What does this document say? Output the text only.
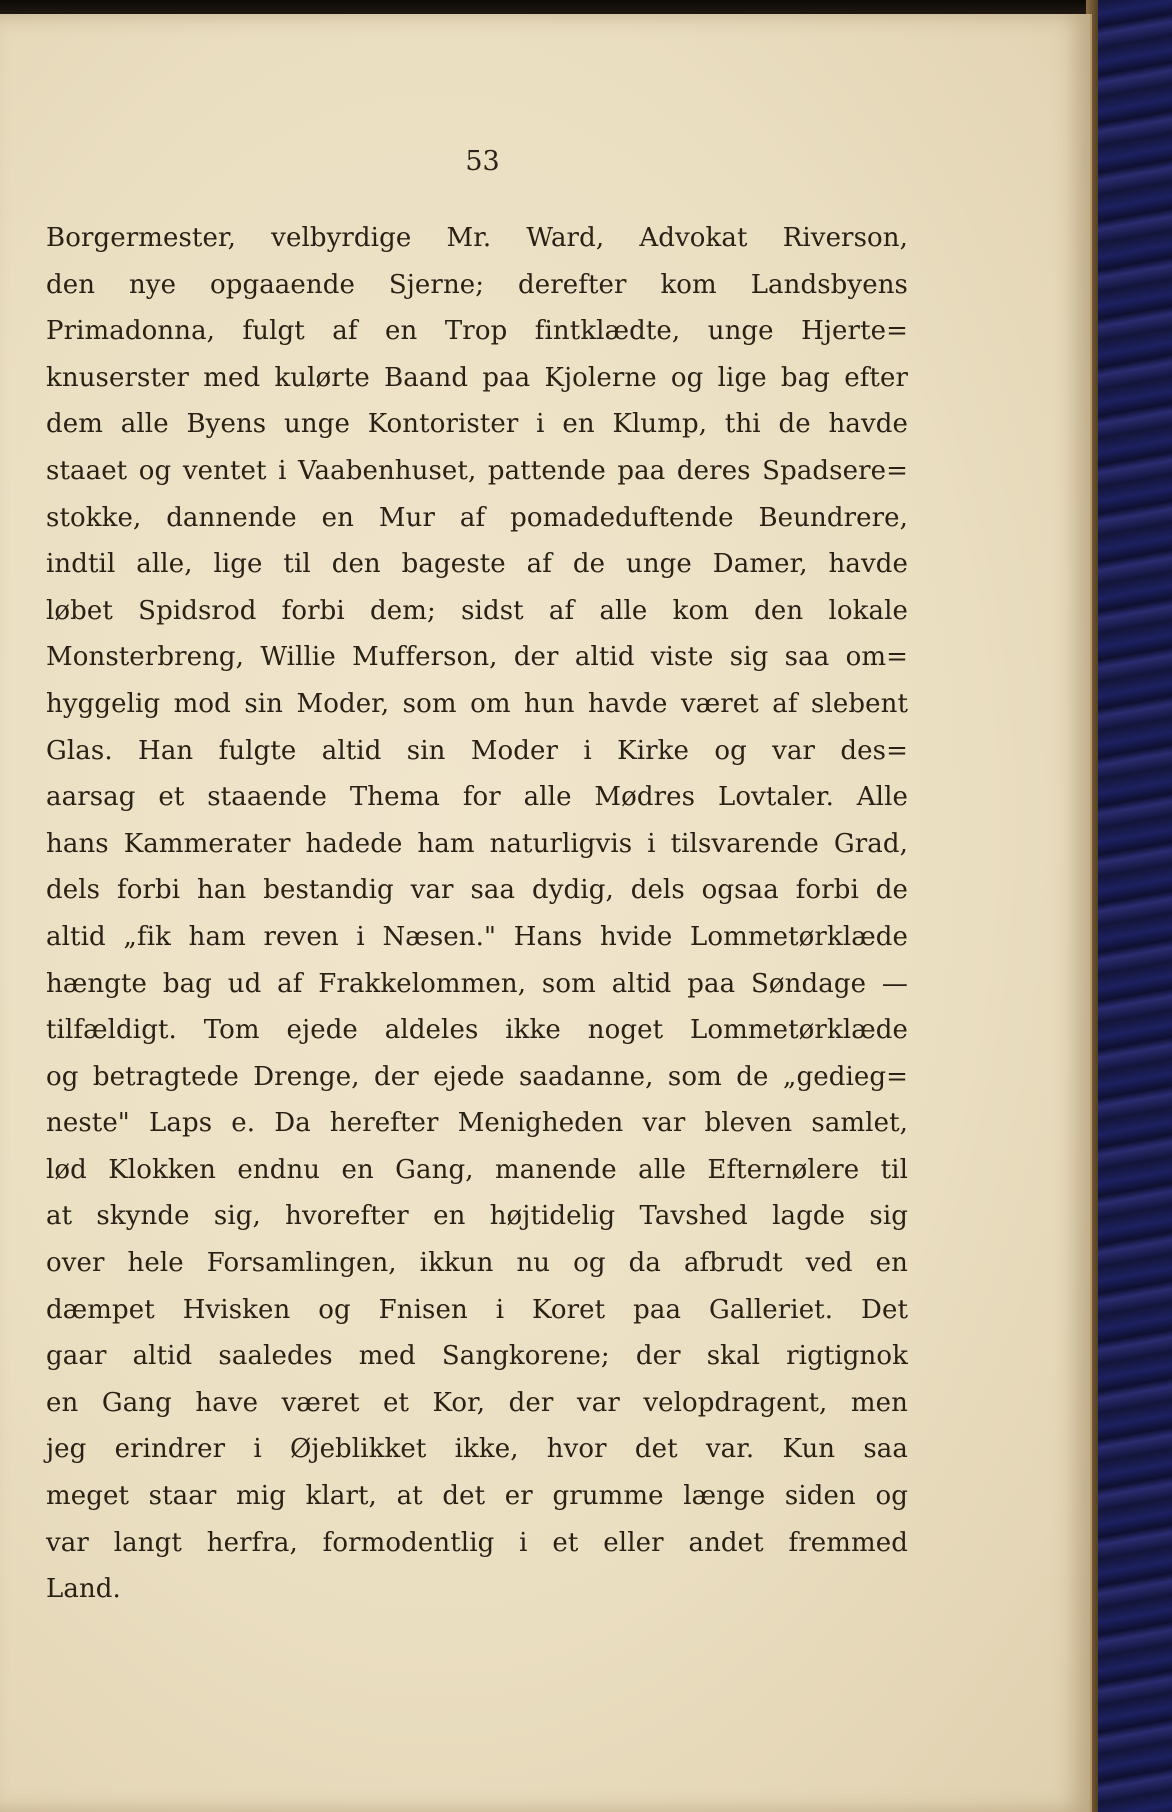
53
Borgermester, velbyrdige Mr. Ward, Advokat Riverson,
den nye opgaaende Sjerne; derefter kom Landsbyens
Primadonna, fulgt af en Trop fintklædte, unge Hjerte=
knuserster med kulørte Baand paa Kjolerne og lige bag efter
dem alle Byens unge Kontorister i en Klump, thi de havde
staaet og ventet i Vaabenhuset, pattende paa deres Spadsere=
stokke, dannende en Mur af pomadeduftende Beundrere,
indtil alle, lige til den bageste af de unge Damer, havde
løbet Spidsrod forbi dem; sidst af alle kom den lokale
Monsterbreng, Willie Mufferson, der altid viste sig saa om=
hyggelig mod sin Moder, som om hun havde været af slebent
Glas. Han fulgte altid sin Moder i Kirke og var des=
aarsag et staaende Thema for alle Mødres Lovtaler. Alle
hans Kammerater hadede ham naturligvis i tilsvarende Grad,
dels forbi han bestandig var saa dydig, dels ogsaa forbi de
altid „fik ham reven i Næsen." Hans hvide Lommetørklæde
hængte bag ud af Frakkelommen, som altid paa Søndage —
tilfældigt. Tom ejede aldeles ikke noget Lommetørklæde
og betragtede Drenge, der ejede saadanne, som de „gedieg=
neste" Laps e. Da herefter Menigheden var bleven samlet,
lød Klokken endnu en Gang, manende alle Efternølere til
at skynde sig, hvorefter en højtidelig Tavshed lagde sig
over hele Forsamlingen, ikkun nu og da afbrudt ved en
dæmpet Hvisken og Fnisen i Koret paa Galleriet. Det
gaar altid saaledes med Sangkorene; der skal rigtignok
en Gang have været et Kor, der var velopdragent, men
jeg erindrer i Øjeblikket ikke, hvor det var. Kun saa
meget staar mig klart, at det er grumme længe siden og
var langt herfra, formodentlig i et eller andet fremmed
Land.
